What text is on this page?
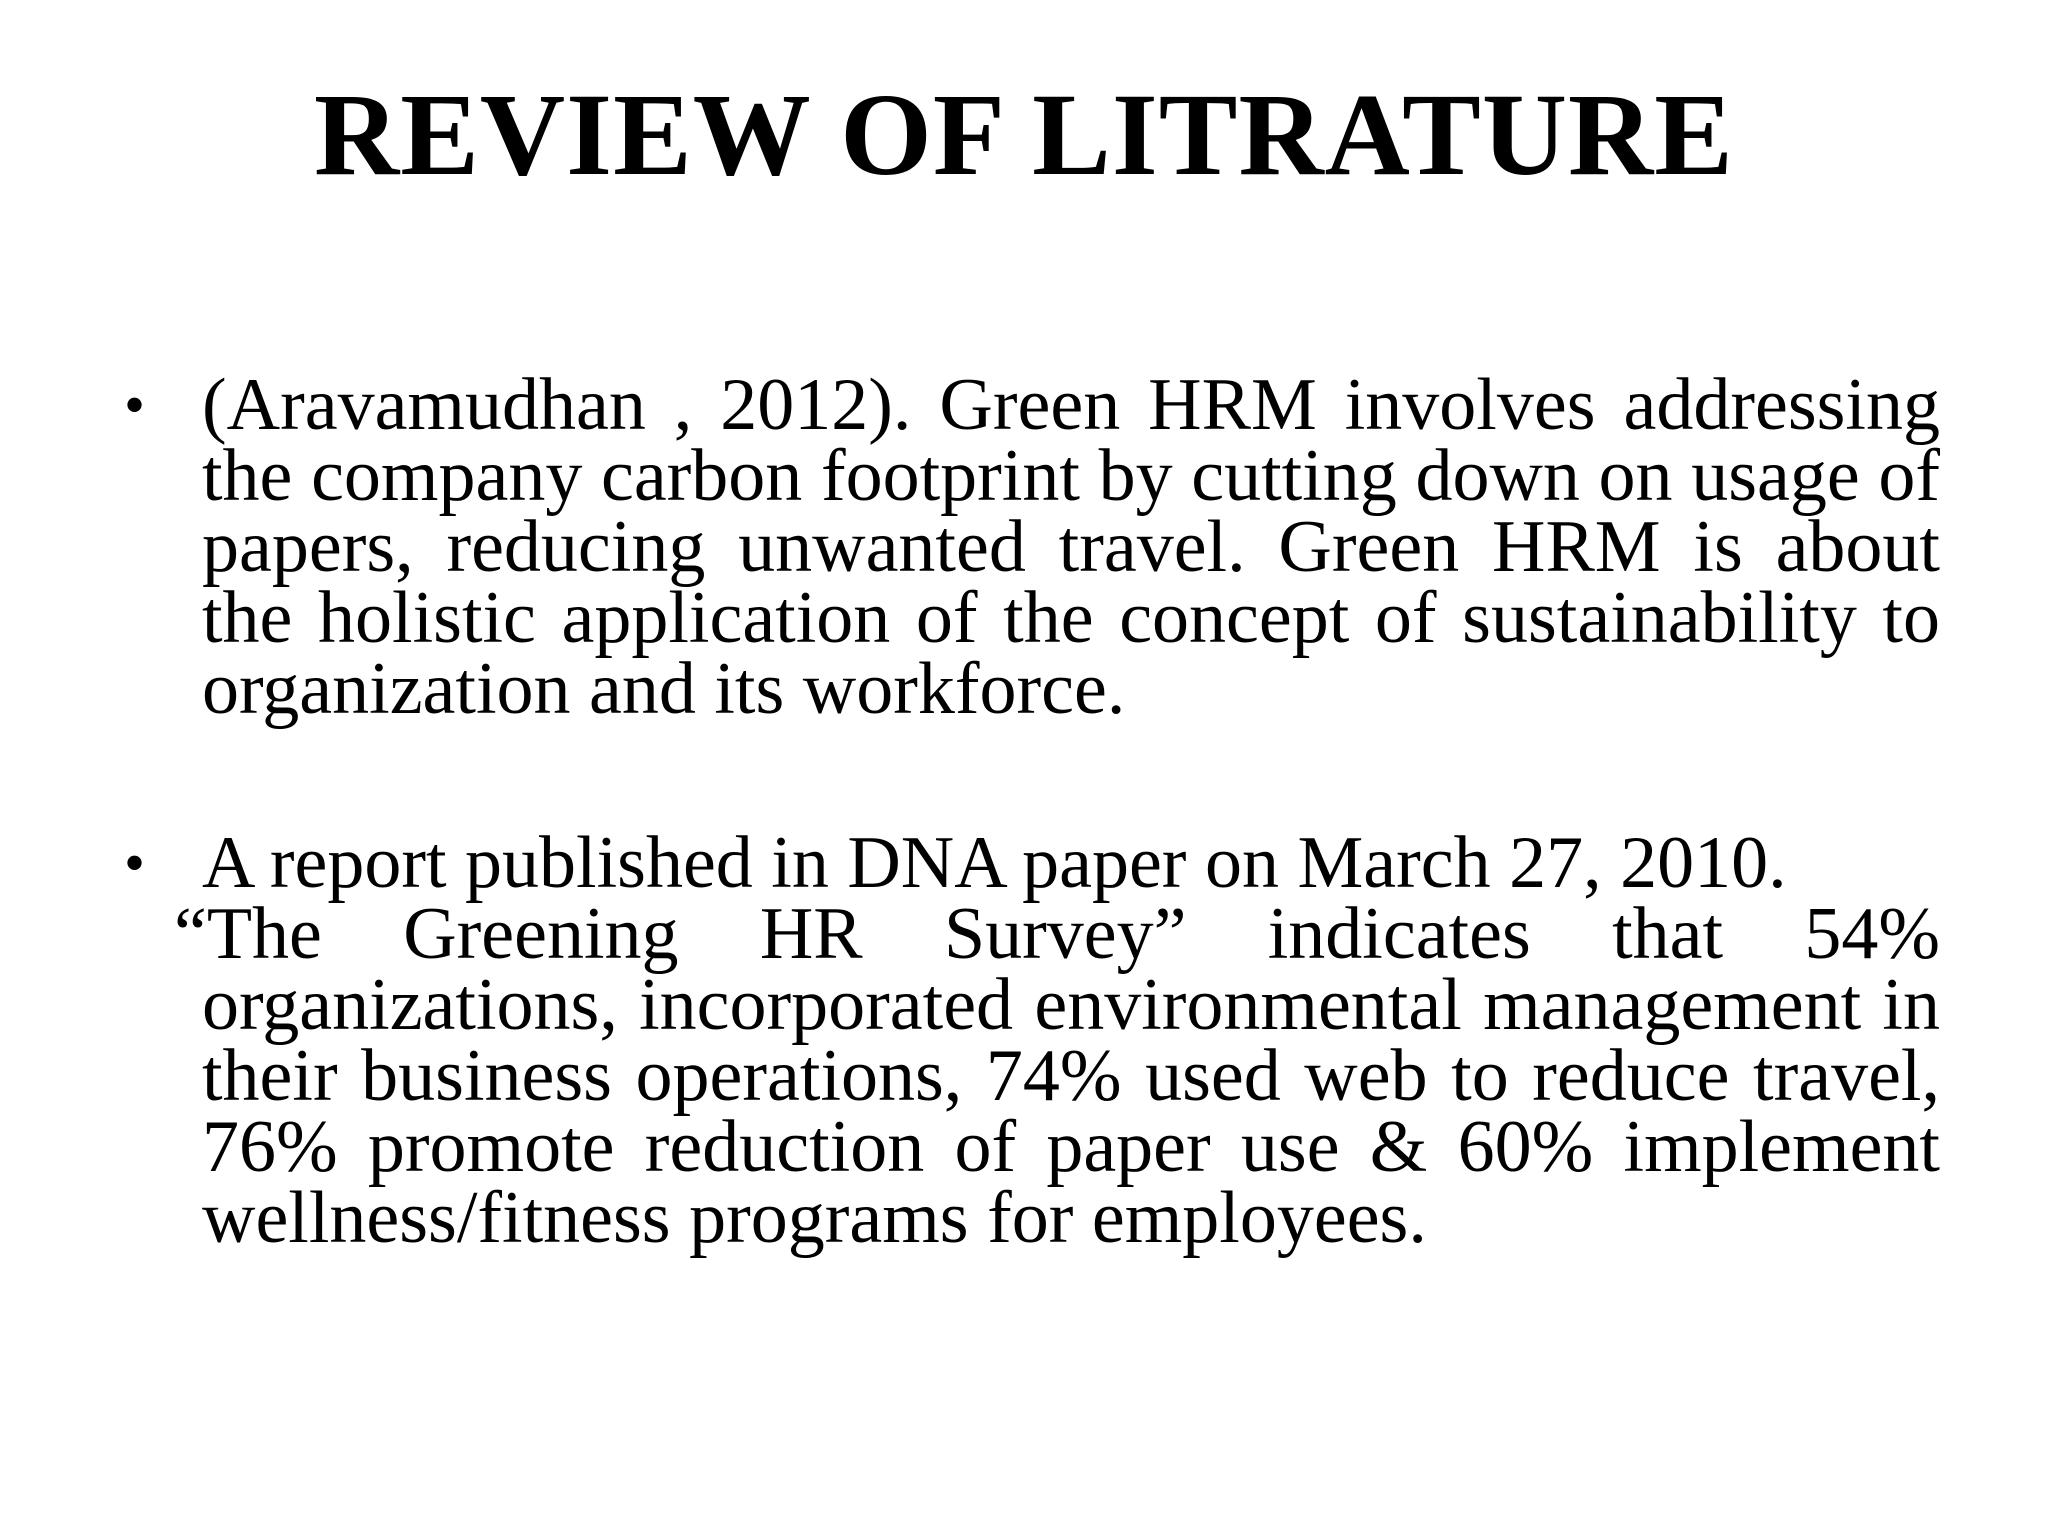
REVIEW OF LITRATURE
• (Aravamudhan , 2012). Green HRM involves addressing the company carbon footprint by cutting down on usage of papers, reducing unwanted travel. Green HRM is about the holistic application of the concept of sustainability to organization and its workforce.
• A report published in DNA paper on March 27, 2010.
“The Greening HR Survey” indicates that 54%
organizations, incorporated environmental management in their business operations, 74% used web to reduce travel, 76% promote reduction of paper use & 60% implement wellness/fitness programs for employees.
